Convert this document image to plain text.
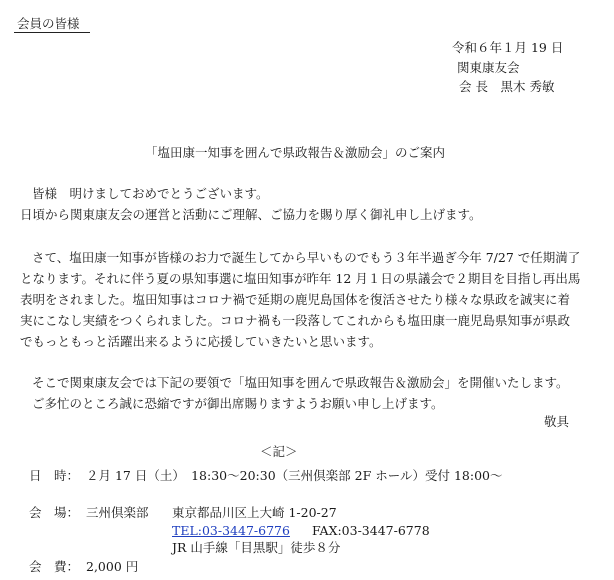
会員の皆様
令和６年１月 19 日
関東康友会
会 長　黒木 秀敏
「塩田康一知事を囲んで県政報告＆激励会」のご案内
皆様　明けましておめでとうございます。
日頃から関東康友会の運営と活動にご理解、ご協力を賜り厚く御礼申し上げます。
さて、塩田康一知事が皆様のお力で誕生してから早いものでもう３年半過ぎ今年 7/27 で任期満了
となります。それに伴う夏の県知事選に塩田知事が昨年 12 月１日の県議会で２期目を目指し再出馬
表明をされました。塩田知事はコロナ禍で延期の鹿児島国体を復活させたり様々な県政を誠実に着
実にこなし実績をつくられました。コロナ禍も一段落してこれからも塩田康一鹿児島県知事が県政
でもっともっと活躍出来るように応援していきたいと思います。
そこで関東康友会では下記の要領で「塩田知事を囲んで県政報告＆激励会」を開催いたします。
ご多忙のところ誠に恐縮ですが御出席賜りますようお願い申し上げます。
敬具
＜記＞
日　時： ２月 17 日（土）　18:30～20:30（三州倶楽部 2F ホール）受付 18:00～
会　場： 三州倶楽部 東京都品川区上大崎 1-20-27
TEL:03-3447-6776 FAX:03-3447-6778
JR 山手線「目黒駅」徒歩８分
会　費： 2,000 円
